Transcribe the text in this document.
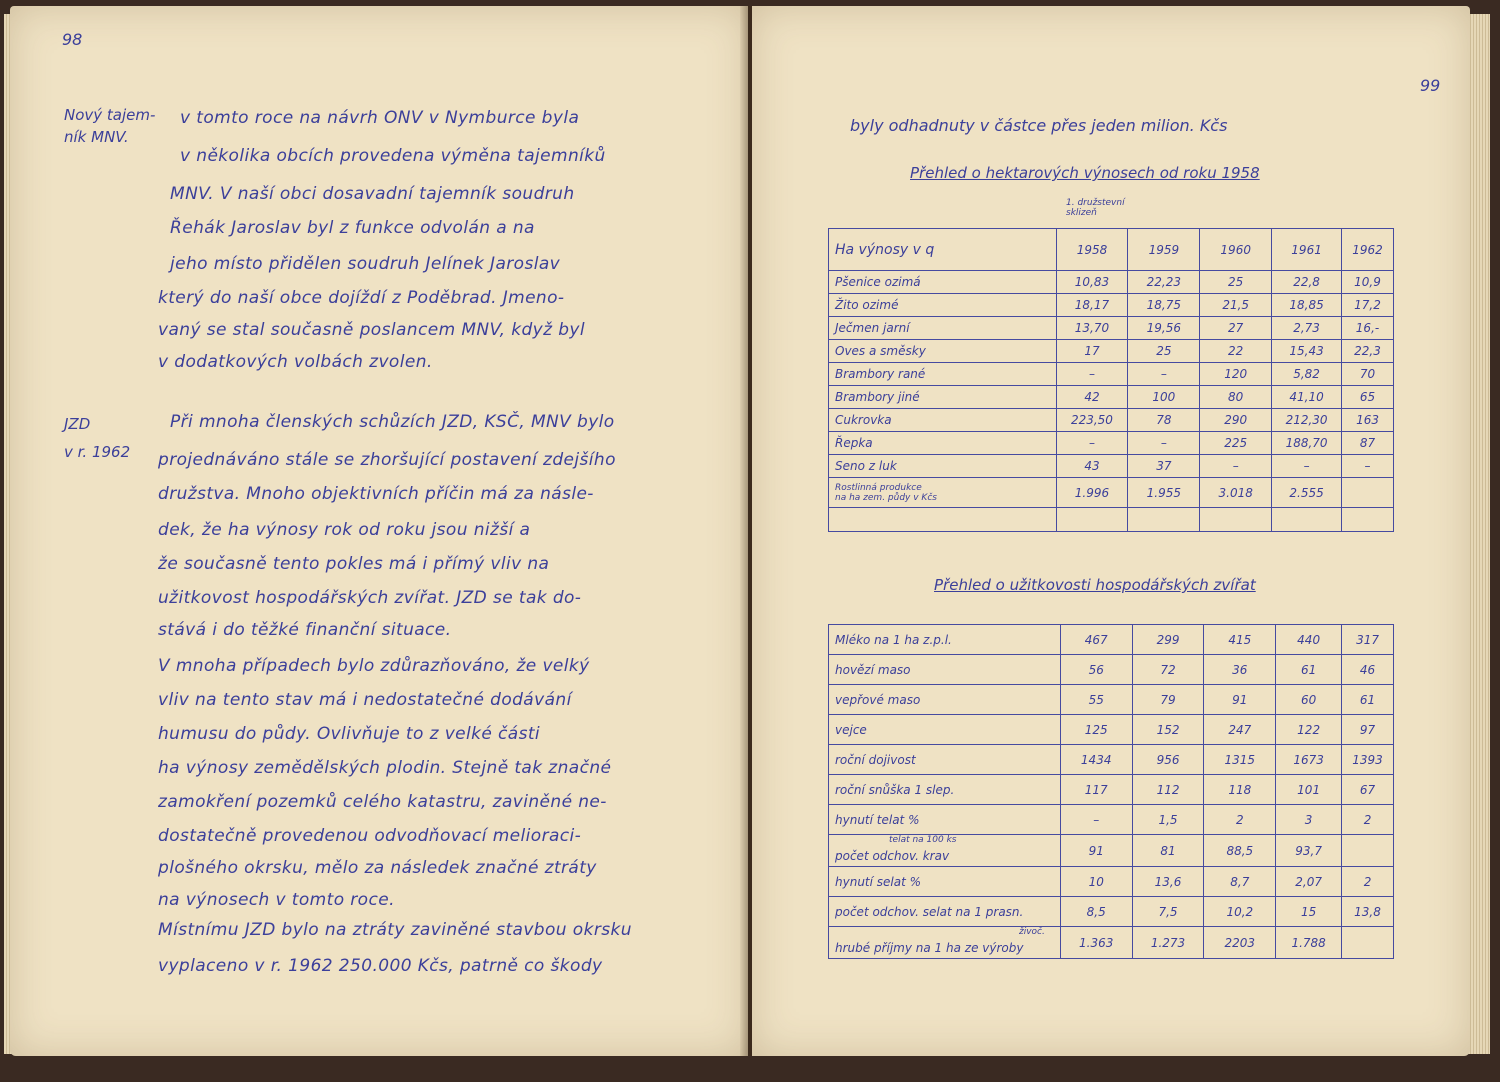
98
Nový tajem-
ník MNV.
JZD
v r. 1962
v tomto roce na návrh ONV v Nymburce byla
v několika obcích provedena výměna tajemníků
MNV. V naší obci dosavadní tajemník soudruh
Řehák Jaroslav byl z funkce odvolán a na
jeho místo přidělen soudruh Jelínek Jaroslav
který do naší obce dojíždí z Poděbrad. Jmeno-
vaný se stal současně poslancem MNV, když byl
v dodatkových volbách zvolen.
Při mnoha členských schůzích JZD, KSČ, MNV bylo
projednáváno stále se zhoršující postavení zdejšího
družstva. Mnoho objektivních příčin má za násle-
dek, že ha výnosy rok od roku jsou nižší a
že současně tento pokles má i přímý vliv na
užitkovost hospodářských zvířat. JZD se tak do-
stává i do těžké finanční situace.
V mnoha případech bylo zdůrazňováno, že velký
vliv na tento stav má i nedostatečné dodávání
humusu do půdy. Ovlivňuje to z velké části
ha výnosy zemědělských plodin. Stejně tak značné
zamokření pozemků celého katastru, zaviněné ne-
dostatečně provedenou odvodňovací melioraci-
plošného okrsku, mělo za následek značné ztráty
na výnosech v tomto roce.
Místnímu JZD bylo na ztráty zaviněné stavbou okrsku
vyplaceno v r. 1962 250.000 Kčs, patrně co škody
99
byly odhadnuty v částce přes jeden milion. Kčs
Přehled o hektarových výnosech od roku 1958
1. družstevní
sklizeň
Ha výnosy v q	1958	1959	1960	1961	1962
Pšenice ozimá	10,83	22,23	25	22,8	10,9
Žito ozimé	18,17	18,75	21,5	18,85	17,2
Ječmen jarní	13,70	19,56	27	2,73	16,-
Oves a směsky	17	25	22	15,43	22,3
Brambory rané	–	–	120	5,82	70
Brambory jiné	42	100	80	41,10	65
Cukrovka	223,50	78	290	212,30	163
Řepka	–	–	225	188,70	87
Seno z luk	43	37	–	–	–
Rostlinná produkce
na ha zem. půdy v Kčs	1.996	1.955	3.018	2.555	

Přehled o užitkovosti hospodářských zvířat
Mléko na 1 ha z.p.l.	467	299	415	440	317
hovězí maso	56	72	36	61	46
vepřové maso	55	79	91	60	61
vejce	125	152	247	122	97
roční dojivost	1434	956	1315	1673	1393
roční snůška 1 slep.	117	112	118	101	67
hynutí telat %	–	1,5	2	3	2

telat na 100 ks
počet odchov. krav	91	81	88,5	93,7	
hynutí selat %	10	13,6	8,7	2,07	2
počet odchov. selat na 1 prasn.	8,5	7,5	10,2	15	13,8

živoč.
hrubé příjmy na 1 ha ze výroby	1.363	1.273	2203	1.788	
